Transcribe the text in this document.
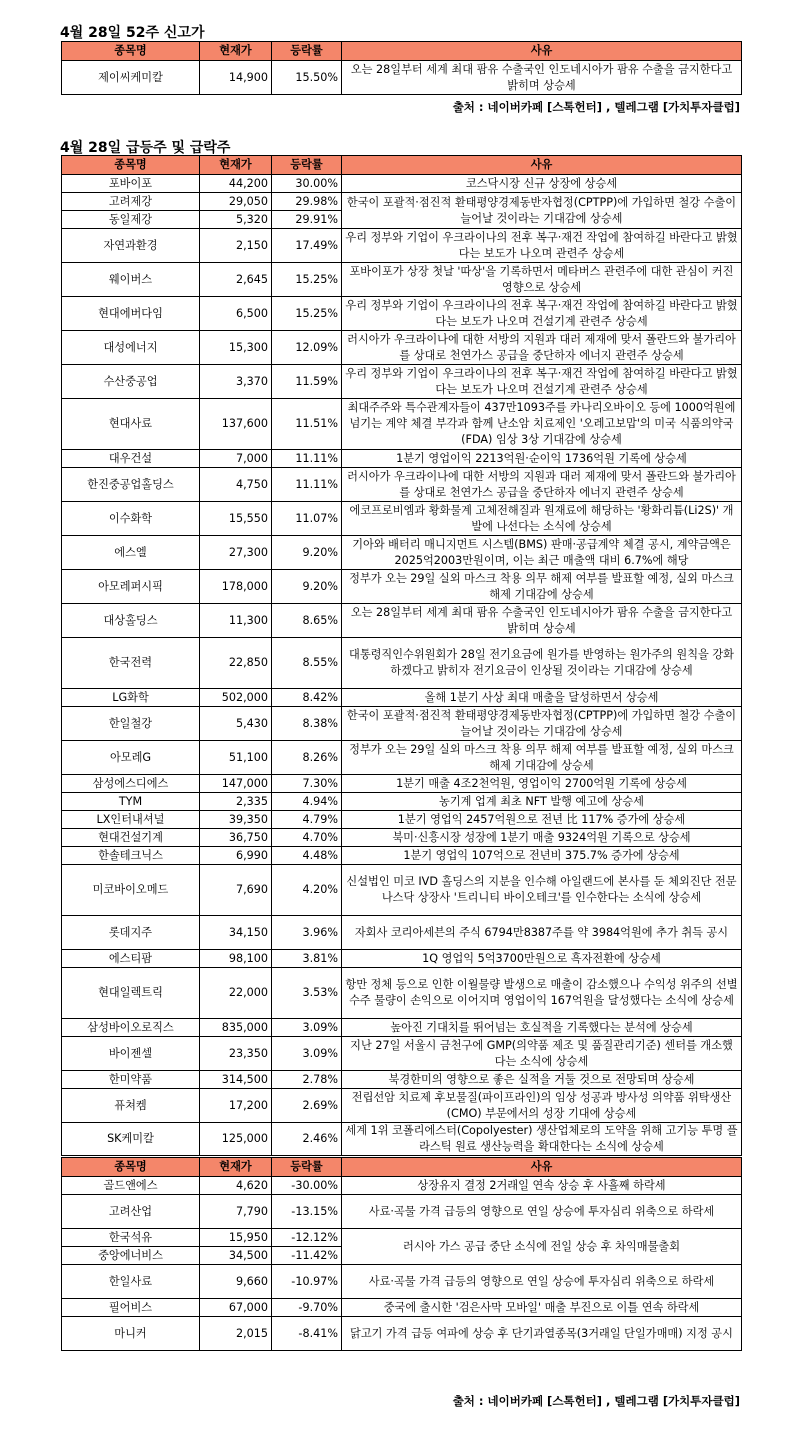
4월 28일 52주 신고가
종목명	현재가	등락률	사유
제이씨케미칼	14,900	15.50%	오는 28일부터 세계 최대 팜유 수출국인 인도네시아가 팜유 수출을 금지한다고 밝히며 상승세
출처 : 네이버카페 [스톡헌터] , 텔레그램 [가치투자클럽]
4월 28일 급등주 및 급락주
종목명	현재가	등락률	사유
포바이포	44,200	30.00%	코스닥시장 신규 상장에 상승세
고려제강	29,050	29.98%	한국이 포괄적·점진적 환태평양경제동반자협정(CPTPP)에 가입하면 철강 수출이 늘어날 것이라는 기대감에 상승세
동일제강	5,320	29.91%	
자연과환경	2,150	17.49%	우리 정부와 기업이 우크라이나의 전후 복구·재건 작업에 참여하길 바란다고 밝혔다는 보도가 나오며 관련주 상승세
웨이버스	2,645	15.25%	포바이포가 상장 첫날 '따상'을 기록하면서 메타버스 관련주에 대한 관심이 커진 영향으로 상승세
현대에버다임	6,500	15.25%	우리 정부와 기업이 우크라이나의 전후 복구·재건 작업에 참여하길 바란다고 밝혔다는 보도가 나오며 건설기계 관련주 상승세
대성에너지	15,300	12.09%	러시아가 우크라이나에 대한 서방의 지원과 대러 제재에 맞서 폴란드와 불가리아를 상대로 천연가스 공급을 중단하자 에너지 관련주 상승세
수산중공업	3,370	11.59%	우리 정부와 기업이 우크라이나의 전후 복구·재건 작업에 참여하길 바란다고 밝혔다는 보도가 나오며 건설기계 관련주 상승세
현대사료	137,600	11.51%	최대주주와 특수관계자들이 437만1093주를 카나리오바이오 등에 1000억원에 넘기는 계약 체결 부각과 함께 난소암 치료제인 '오레고보맙'의 미국 식품의약국(FDA) 임상 3상 기대감에 상승세
대우건설	7,000	11.11%	1분기 영업이익 2213억원·순이익 1736억원 기록에 상승세
한진중공업홀딩스	4,750	11.11%	러시아가 우크라이나에 대한 서방의 지원과 대러 제재에 맞서 폴란드와 불가리아를 상대로 천연가스 공급을 중단하자 에너지 관련주 상승세
이수화학	15,550	11.07%	에코프로비엠과 황화물계 고체전해질과 원재료에 해당하는 '황화리튬(Li2S)' 개발에 나선다는 소식에 상승세
에스엘	27,300	9.20%	기아와 배터리 매니지먼트 시스템(BMS) 판매·공급계약 체결 공시, 계약금액은 2025억2003만원이며, 이는 최근 매출액 대비 6.7%에 해당
아모레퍼시픽	178,000	9.20%	정부가 오는 29일 실외 마스크 착용 의무 해제 여부를 발표할 예정, 실외 마스크 해제 기대감에 상승세
대상홀딩스	11,300	8.65%	오는 28일부터 세계 최대 팜유 수출국인 인도네시아가 팜유 수출을 금지한다고 밝히며 상승세
한국전력	22,850	8.55%	대통령직인수위원회가 28일 전기요금에 원가를 반영하는 원가주의 원칙을 강화하겠다고 밝히자 전기요금이 인상될 것이라는 기대감에 상승세
LG화학	502,000	8.42%	올해 1분기 사상 최대 매출을 달성하면서 상승세
한일철강	5,430	8.38%	한국이 포괄적·점진적 환태평양경제동반자협정(CPTPP)에 가입하면 철강 수출이 늘어날 것이라는 기대감에 상승세
아모레G	51,100	8.26%	정부가 오는 29일 실외 마스크 착용 의무 해제 여부를 발표할 예정, 실외 마스크 해제 기대감에 상승세
삼성에스디에스	147,000	7.30%	1분기 매출 4조2천억원, 영업이익 2700억원 기록에 상승세
TYM	2,335	4.94%	농기계 업계 최초 NFT 발행 예고에 상승세
LX인터내셔널	39,350	4.79%	1분기 영업익 2457억원으로 전년 比 117% 증가에 상승세
현대건설기계	36,750	4.70%	북미·신흥시장 성장에 1분기 매출 9324억원 기록으로 상승세
한솔테크닉스	6,990	4.48%	1분기 영업익 107억으로 전년비 375.7% 증가에 상승세
미코바이오메드	7,690	4.20%	신설법인 미코 IVD 홀딩스의 지분을 인수해 아일랜드에 본사를 둔 체외진단 전문 나스닥 상장사 '트리니티 바이오테크'를 인수한다는 소식에 상승세
롯데지주	34,150	3.96%	자회사 코리아세븐의 주식 6794만8387주를 약 3984억원에 추가 취득 공시
에스티팜	98,100	3.81%	1Q 영업익 5억3700만원으로 흑자전환에 상승세
현대일렉트릭	22,000	3.53%	항만 정체 등으로 인한 이월물량 발생으로 매출이 감소했으나 수익성 위주의 선별 수주 물량이 손익으로 이어지며 영업이익 167억원을 달성했다는 소식에 상승세
삼성바이오로직스	835,000	3.09%	높아진 기대치를 뛰어넘는 호실적을 기록했다는 분석에 상승세
바이젠셀	23,350	3.09%	지난 27일 서울시 금천구에 GMP(의약품 제조 및 품질관리기준) 센터를 개소했다는 소식에 상승세
한미약품	314,500	2.78%	북경한미의 영향으로 좋은 실적을 거둘 것으로 전망되며 상승세
퓨쳐켐	17,200	2.69%	전립선암 치료제 후보물질(파이프라인)의 임상 성공과 방사성 의약품 위탁생산(CMO) 부문에서의 성장 기대에 상승세
SK케미칼	125,000	2.46%	세계 1위 코폴리에스터(Copolyester) 생산업체로의 도약을 위해 고기능 투명 플라스틱 원료 생산능력을 확대한다는 소식에 상승세
종목명	현재가	등락률	사유
골드앤에스	4,620	-30.00%	상장유지 결정 2거래일 연속 상승 후 사흘째 하락세
고려산업	7,790	-13.15%	사료·곡물 가격 급등의 영향으로 연일 상승에 투자심리 위축으로 하락세
한국석유	15,950	-12.12%	러시아 가스 공급 중단 소식에 전일 상승 후 차익매물출회
중앙에너비스	34,500	-11.42%	
한일사료	9,660	-10.97%	사료·곡물 가격 급등의 영향으로 연일 상승에 투자심리 위축으로 하락세
필어비스	67,000	-9.70%	중국에 출시한 '검은사막 모바일' 매출 부진으로 이틀 연속 하락세
마니커	2,015	-8.41%	닭고기 가격 급등 여파에 상승 후 단기과열종목(3거래일 단일가매매) 지정 공시
출처 : 네이버카페 [스톡헌터] , 텔레그램 [가치투자클럽]
